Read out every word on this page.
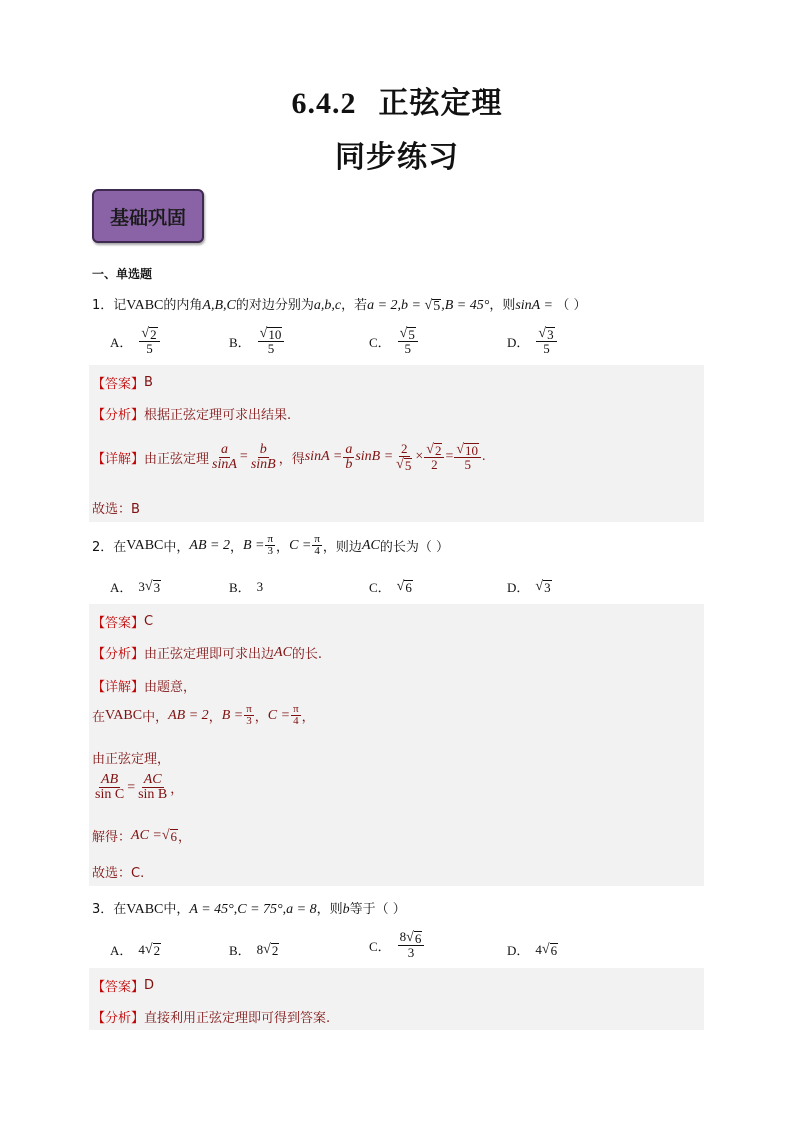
6.4.2 正弦定理
同步练习
基础巩固
一、单选题
1．记VABC的内角A,B,C的对边分别为a,b,c，若a = 2,b = √ 5 ,B = 45°，则sinA = （ ）
A． $\frac{√ 2}{5}$	B． $\frac{√ 10}{5}$	C． $\frac{√ 5}{5}$	D． $\frac{√ 3}{5}$
【答案】 B
【分析】 根据正弦定理可求出结果.
【详解】 由正弦定理 $\frac{a}{\sin A} = \frac{b}{\sin B}$ ，得 $\sin A = \frac{a}{b}$ $\sin B = \frac{2}{√ 5} \times \frac{√ 2}{2} = \frac{√ 10}{5}$ .
故选：B
2． 在 VABC 中， AB = 2 ， $B = \frac{\pi}{3}$ ， $C = \frac{\pi}{4}$ ，则边 AC 的长为（ ）
A． 3 √ 3	B． 3	C． √ 6	D． √ 3
【答案】 C
【分析】 由正弦定理即可求出边 AC 的长.
【详解】 由题意，
在 VABC 中， AB = 2 ， $B = \frac{\pi}{3}$ ， $C = \frac{\pi}{4}$ ，
由正弦定理，
$\frac{AB}{\text{sin C}} = \frac{AC}{\text{sin B}}$ ，
解得： AC = √ 6 ，
故选：C.
3．在VABC中，A = 45°,C = 75°,a = 8，则b等于（ ）
A． 4 √ 2	B． 8 √ 2	C． $\frac{8 √ 6}{3}$	D． 4 √ 6
【答案】 D
【分析】 直接利用正弦定理即可得到答案.
